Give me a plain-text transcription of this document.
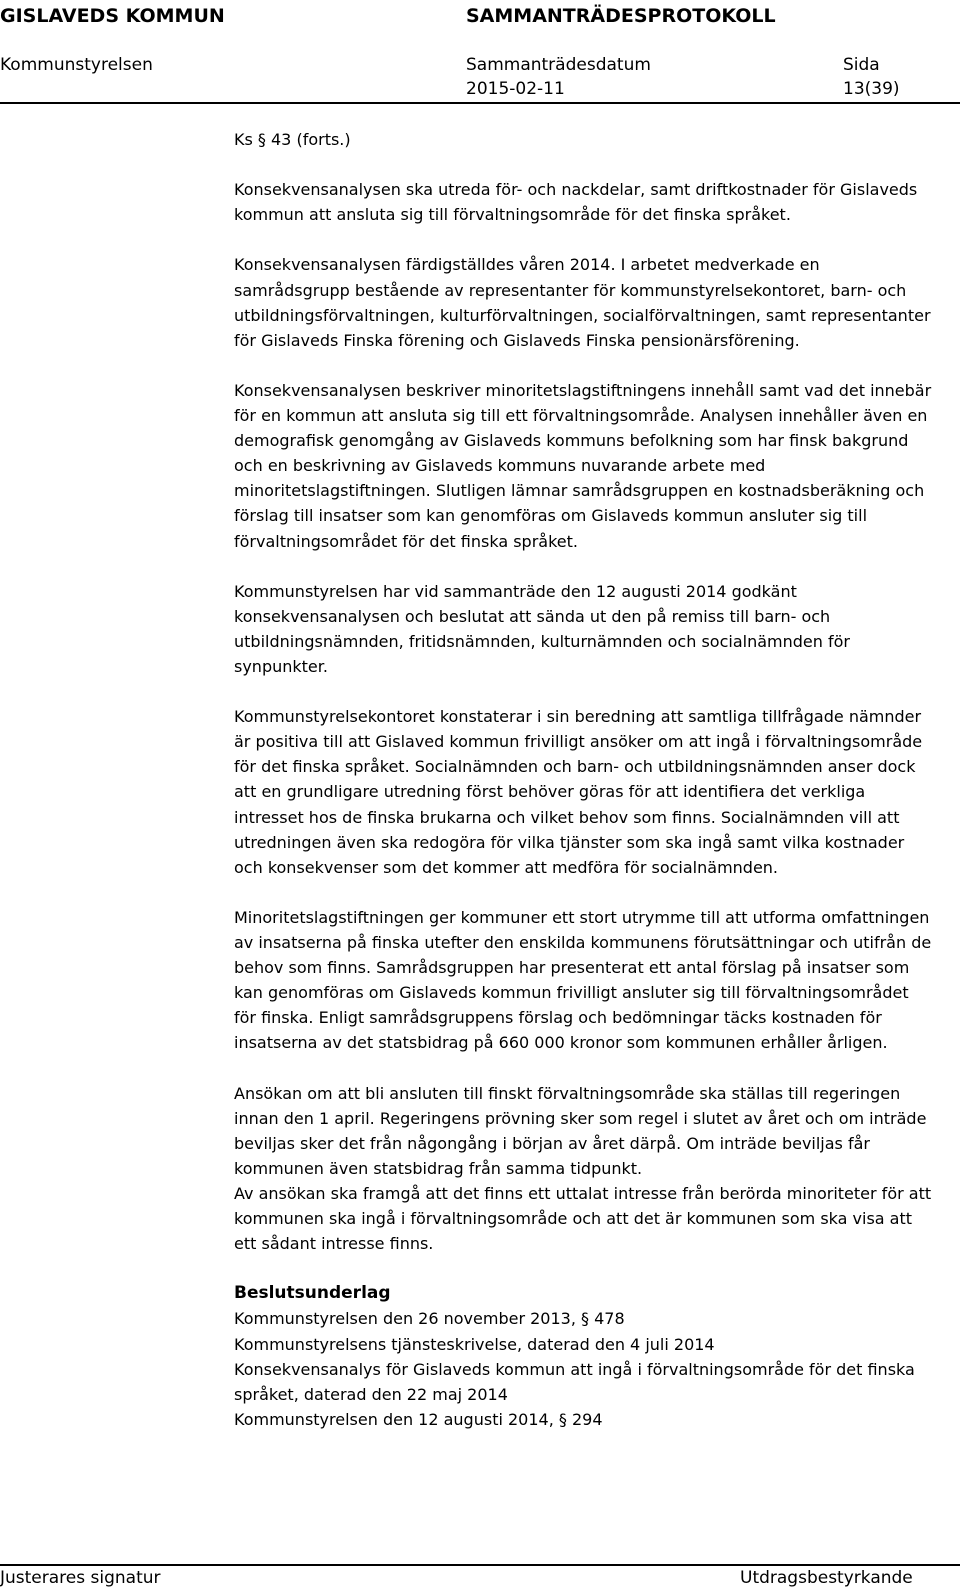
GISLAVEDS KOMMUN	SAMMANTRÄDESPROTOKOLL
Kommunstyrelsen	Sammanträdesdatum
2015-02-11
Sida
13(39)

Ks § 43 (forts.)

Konsekvensanalysen ska utreda för- och nackdelar, samt driftkostnader för Gislaveds kommun att ansluta sig till förvaltningsområde för det finska språket.

Konsekvensanalysen färdigställdes våren 2014. I arbetet medverkade en samrådsgrupp bestående av representanter för kommunstyrelsekontoret, barn- och utbildningsförvaltningen, kulturförvaltningen, socialförvaltningen, samt representanter för Gislaveds Finska förening och Gislaveds Finska pensionärsförening.

Konsekvensanalysen beskriver minoritetslagstiftningens innehåll samt vad det innebär för en kommun att ansluta sig till ett förvaltningsområde. Analysen innehåller även en demografisk genomgång av Gislaveds kommuns befolkning som har finsk bakgrund och en beskrivning av Gislaveds kommuns nuvarande arbete med minoritetslagstiftningen. Slutligen lämnar samrådsgruppen en kostnadsberäkning och förslag till insatser som kan genomföras om Gislaveds kommun ansluter sig till förvaltningsområdet för det finska språket.

Kommunstyrelsen har vid sammanträde den 12 augusti 2014 godkänt konsekvensanalysen och beslutat att sända ut den på remiss till barn- och utbildningsnämnden, fritidsnämnden, kulturnämnden och socialnämnden för synpunkter.

Kommunstyrelsekontoret konstaterar i sin beredning att samtliga tillfrågade nämnder är positiva till att Gislaved kommun frivilligt ansöker om att ingå i förvaltningsområde för det finska språket. Socialnämnden och barn- och utbildningsnämnden anser dock att en grundligare utredning först behöver göras för att identifiera det verkliga intresset hos de finska brukarna och vilket behov som finns. Socialnämnden vill att utredningen även ska redogöra för vilka tjänster som ska ingå samt vilka kostnader och konsekvenser som det kommer att medföra för socialnämnden.

Minoritetslagstiftningen ger kommuner ett stort utrymme till att utforma omfattningen av insatserna på finska utefter den enskilda kommunens förutsättningar och utifrån de behov som finns. Samrådsgruppen har presenterat ett antal förslag på insatser som kan genomföras om Gislaveds kommun frivilligt ansluter sig till förvaltningsområdet för finska. Enligt samrådsgruppens förslag och bedömningar täcks kostnaden för insatserna av det statsbidrag på 660 000 kronor som kommunen erhåller årligen.

Ansökan om att bli ansluten till finskt förvaltningsområde ska ställas till regeringen innan den 1 april. Regeringens prövning sker som regel i slutet av året och om inträde beviljas sker det från någongång i början av året därpå. Om inträde beviljas får kommunen även statsbidrag från samma tidpunkt.
Av ansökan ska framgå att det finns ett uttalat intresse från berörda minoriteter för att kommunen ska ingå i förvaltningsområde och att det är kommunen som ska visa att ett sådant intresse finns.

Beslutsunderlag
Kommunstyrelsen den 26 november 2013, § 478
Kommunstyrelsens tjänsteskrivelse, daterad den 4 juli 2014
Konsekvensanalys för Gislaveds kommun att ingå i förvaltningsområde för det finska språket, daterad den 22 maj 2014
Kommunstyrelsen den 12 augusti 2014, § 294
Justerares signatur	Utdragsbestyrkande
